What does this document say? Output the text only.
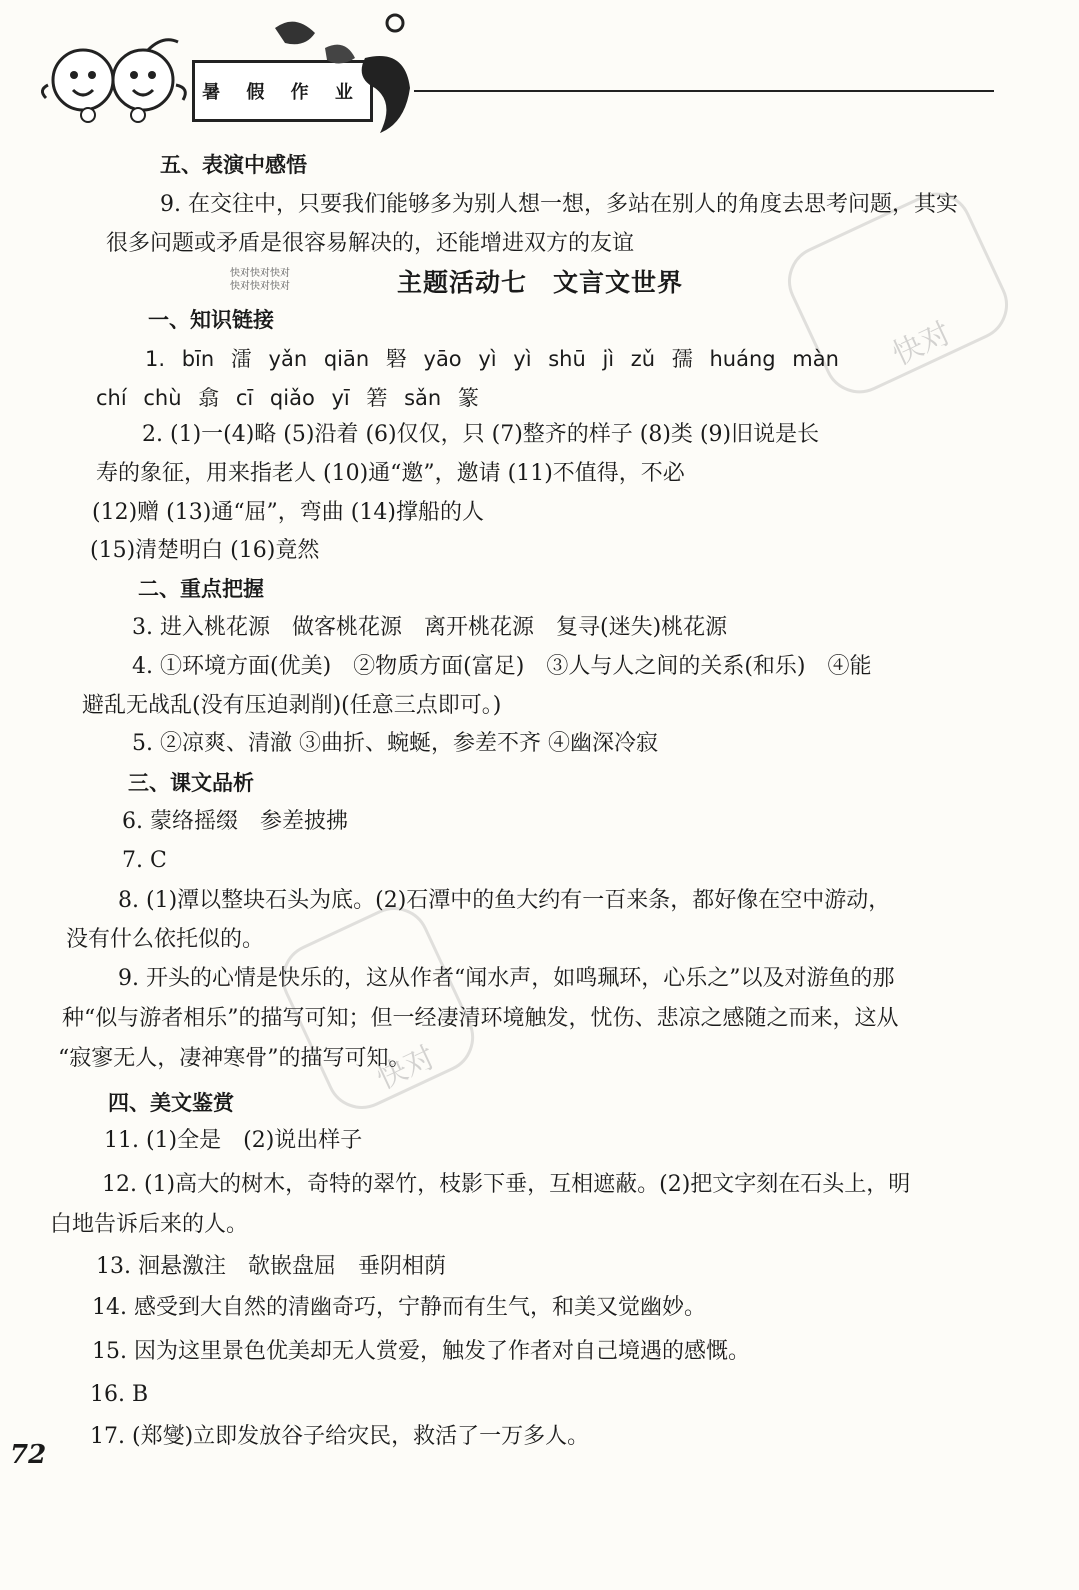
暑 假 作 业
快对快对快对
快对快对快对
快对
快对
五、表演中感悟
9. 在交往中，只要我们能够多为别人想一想，多站在别人的角度去思考问题，其实
很多问题或矛盾是很容易解决的，还能增进双方的友谊
主题活动七　文言文世界
一、知识链接
1. bīn 㵢 yǎn qiān 硻 yāo yì yì shū jì zǔ 孺 huáng màn
chí chù 翕 cī qiǎo yī 箬 sǎn 篆
2. (1)一(4)略 (5)沿着 (6)仅仅，只 (7)整齐的样子 (8)类 (9)旧说是长
寿的象征，用来指老人 (10)通“邀”，邀请 (11)不值得，不必
(12)赠 (13)通“屈”，弯曲 (14)撑船的人
(15)清楚明白 (16)竟然
二、重点把握
3. 进入桃花源　做客桃花源　离开桃花源　复寻(迷失)桃花源
4. ①环境方面(优美)　②物质方面(富足)　③人与人之间的关系(和乐)　④能
避乱无战乱(没有压迫剥削)(任意三点即可。)
5. ②凉爽、清澈 ③曲折、蜿蜒，参差不齐 ④幽深冷寂
三、课文品析
6. 蒙络摇缀　参差披拂
7. C
8. (1)潭以整块石头为底。(2)石潭中的鱼大约有一百来条，都好像在空中游动，
没有什么依托似的。
9. 开头的心情是快乐的，这从作者“闻水声，如鸣珮环，心乐之”以及对游鱼的那
种“似与游者相乐”的描写可知；但一经凄清环境触发，忧伤、悲凉之感随之而来，这从
“寂寥无人，凄神寒骨”的描写可知。
四、美文鉴赏
11. (1)全是　(2)说出样子
12. (1)高大的树木，奇特的翠竹，枝影下垂，互相遮蔽。(2)把文字刻在石头上，明
白地告诉后来的人。
13. 洄悬激注　欹嵌盘屈　垂阴相荫
14. 感受到大自然的清幽奇巧，宁静而有生气，和美又觉幽妙。
15. 因为这里景色优美却无人赏爱，触发了作者对自己境遇的感慨。
16. B
17. (郑燮)立即发放谷子给灾民，救活了一万多人。
72
